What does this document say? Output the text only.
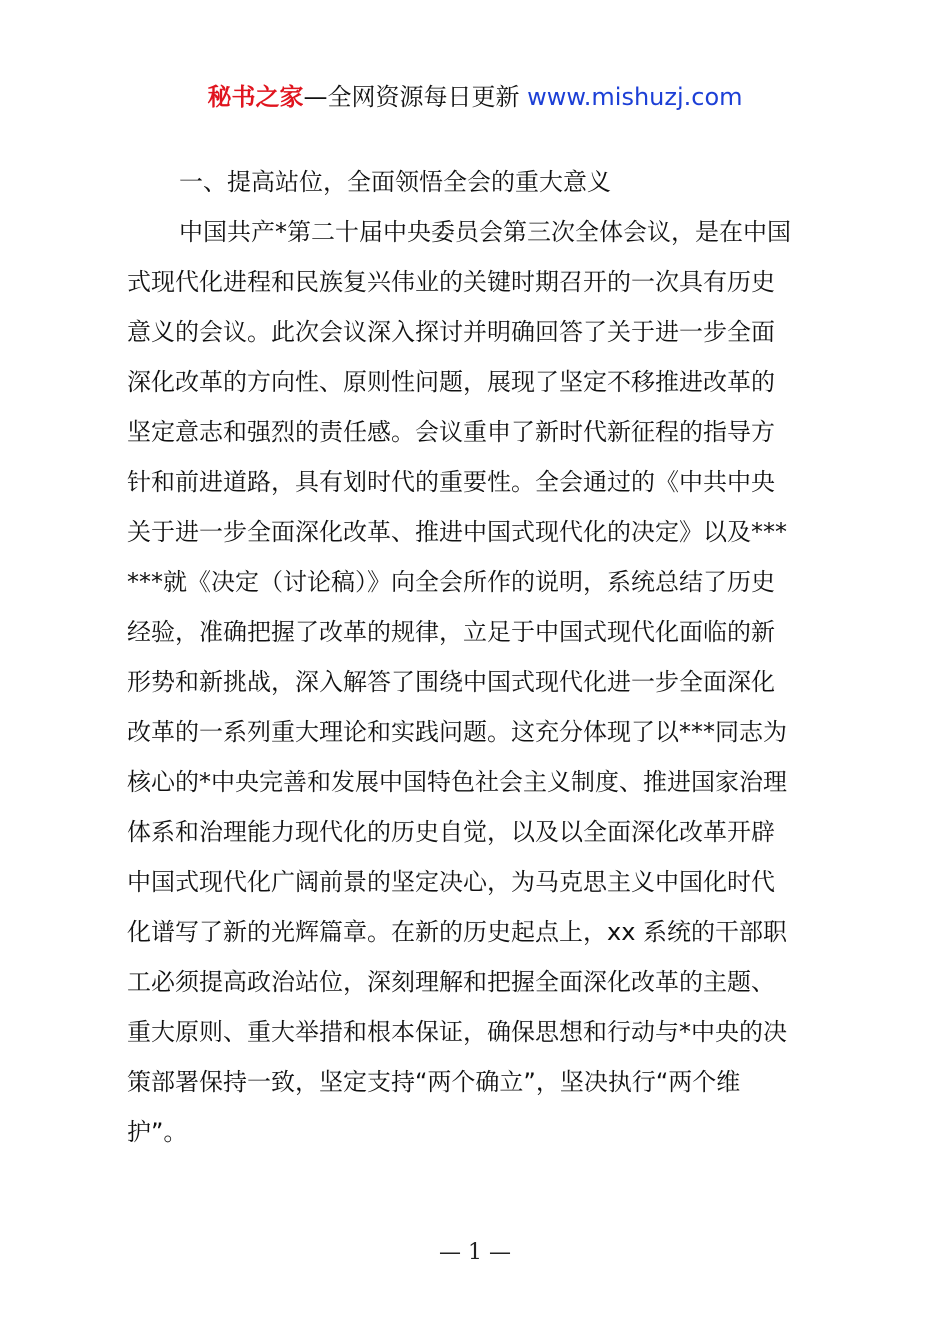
秘书之家—全网资源每日更新 www.mishuzj.com

一、提高站位，全面领悟全会的重大意义

中国共产*第二十届中央委员会第三次全体会议，是在中国
式现代化进程和民族复兴伟业的关键时期召开的一次具有历史
意义的会议。此次会议深入探讨并明确回答了关于进一步全面
深化改革的方向性、原则性问题，展现了坚定不移推进改革的
坚定意志和强烈的责任感。会议重申了新时代新征程的指导方
针和前进道路，具有划时代的重要性。全会通过的《中共中央
关于进一步全面深化改革、推进中国式现代化的决定》以及***
***就《决定（讨论稿）》向全会所作的说明，系统总结了历史
经验，准确把握了改革的规律，立足于中国式现代化面临的新
形势和新挑战，深入解答了围绕中国式现代化进一步全面深化
改革的一系列重大理论和实践问题。这充分体现了以***同志为
核心的*中央完善和发展中国特色社会主义制度、推进国家治理
体系和治理能力现代化的历史自觉，以及以全面深化改革开辟
中国式现代化广阔前景的坚定决心，为马克思主义中国化时代
化谱写了新的光辉篇章。在新的历史起点上，xx 系统的干部职
工必须提高政治站位，深刻理解和把握全面深化改革的主题、
重大原则、重大举措和根本保证，确保思想和行动与*中央的决
策部署保持一致，坚定支持“两个确立”，坚决执行“两个维
护”。
— 1 —
